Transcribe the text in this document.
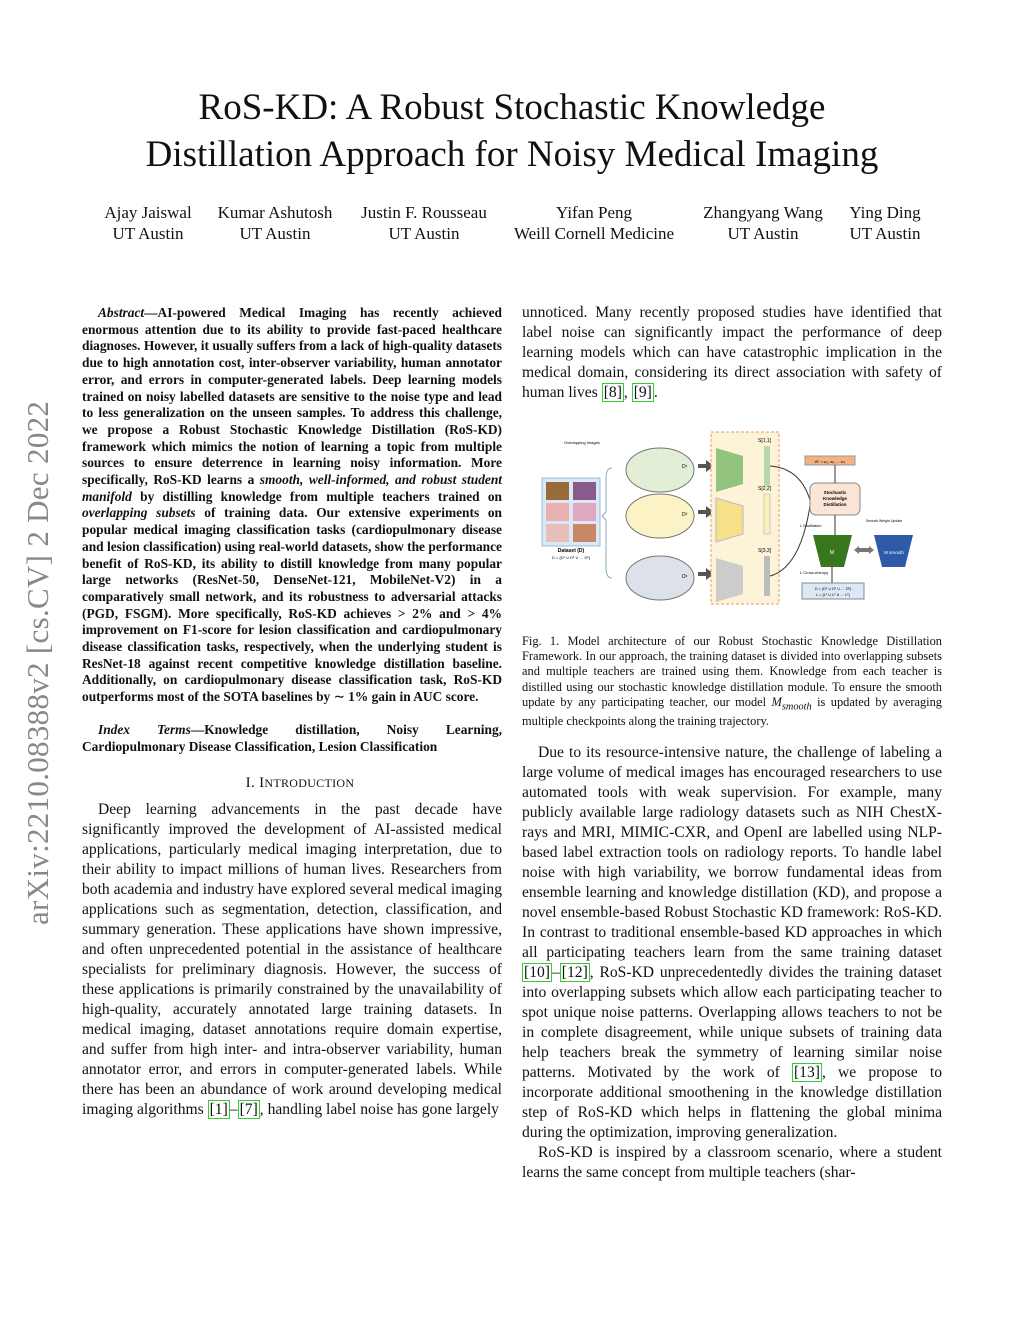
arXiv:2210.08388v2 [cs.CV] 2 Dec 2022
RoS-KD: A Robust Stochastic Knowledge
Distillation Approach for Noisy Medical Imaging
Ajay Jaiswal
UT Austin
Kumar Ashutosh
UT Austin
Justin F. Rousseau
UT Austin
Yifan Peng
Weill Cornell Medicine
Zhangyang Wang
UT Austin
Ying Ding
UT Austin

Abstract—AI-powered Medical Imaging has recently achieved enormous attention due to its ability to provide fast-paced healthcare diagnoses. However, it usually suffers from a lack of high-quality datasets due to high annotation cost, inter-observer variability, human annotator error, and errors in computer-generated labels. Deep learning models trained on noisy labelled datasets are sensitive to the noise type and lead to less generalization on the unseen samples. To address this challenge, we propose a Robust Stochastic Knowledge Distillation (RoS-KD) framework which mimics the notion of learning a topic from multiple sources to ensure deterrence in learning noisy information. More specifically, RoS-KD learns a smooth, well-informed, and robust student manifold by distilling knowledge from multiple teachers trained on overlapping subsets of training data. Our extensive experiments on popular medical imaging classification tasks (cardiopulmonary disease and lesion classification) using real-world datasets, show the performance benefit of RoS-KD, its ability to distill knowledge from many popular large networks (ResNet-50, DenseNet-121, MobileNet-V2) in a comparatively small network, and its robustness to adversarial attacks (PGD, FSGM). More specifically, RoS-KD achieves > 2% and > 4% improvement on F1-score for lesion classification and cardiopulmonary disease classification tasks, respectively, when the underlying student is ResNet-18 against recent competitive knowledge distillation baseline. Additionally, on cardiopulmonary disease classification task, RoS-KD outperforms most of the SOTA baselines by ∼ 1% gain in AUC score.

Index Terms—Knowledge distillation, Noisy Learning, Cardiopulmonary Disease Classification, Lesion Classification

I. INTRODUCTION

Deep learning advancements in the past decade have significantly improved the development of AI-assisted medical applications, particularly medical imaging interpretation, due to their ability to impact millions of human lives. Researchers from both academia and industry have explored several medical imaging applications such as segmentation, detection, classification, and summary generation. These applications have shown impressive, and often unprecedented potential in the assistance of healthcare specialists for preliminary diagnosis. However, the success of these applications is primarily constrained by the unavailability of high-quality, accurately annotated large training datasets. In medical imaging, dataset annotations require domain expertise, and suffer from high inter- and intra-observer variability, human annotator error, and errors in computer-generated labels. While there has been an abundance of work around developing medical imaging algorithms [1] – [7] , handling label noise has gone largely

unnoticed. Many recently proposed studies have identified that label noise can significantly impact the performance of deep learning models which can have catastrophic implication in the medical domain, considering its direct association with safety of human lives [8] , [9] .

Overlapping Images
Dataset (D)
D = {D¹ ∪ D² ∪ … Dᵏ}
D¹
D²
Dᵏ
S[1,1]
S[2,2]
S[3,3]
W' = w₁, w₂ … wₖ
Stochastic
Knowledge
Distillation
L Distillation
M	M smooth
Smooth Weight Update
L Cross-entropy
D = {D¹ ∪ D² ∪ … Dᵏ}
L = {L¹ ∪ L² ∪ … Lᵏ}
Fig. 1. Model architecture of our Robust Stochastic Knowledge Distillation Framework. In our approach, the training dataset is divided into overlapping subsets and multiple teachers are trained using them. Knowledge from each teacher is distilled using our stochastic knowledge distillation module. To ensure the smooth update by any participating teacher, our model $M_{smooth}$ is updated by averaging multiple checkpoints along the training trajectory.

Due to its resource-intensive nature, the challenge of labeling a large volume of medical images has encouraged researchers to use automated tools with weak supervision. For example, many publicly available large radiology datasets such as NIH ChestX-rays and MRI, MIMIC-CXR, and OpenI are labelled using NLP-based label extraction tools on radiology reports. To handle label noise with high variability, we borrow fundamental ideas from ensemble learning and knowledge distillation (KD), and propose a novel ensemble-based Robust Stochastic KD framework: RoS-KD. In contrast to traditional ensemble-based KD approaches in which all participating teachers learn from the same training dataset [10] – [12] , RoS-KD unprecedentedly divides the training dataset into overlapping subsets which allow each participating teacher to spot unique noise patterns. Overlapping allows teachers to not be in complete disagreement, while unique subsets of training data help teachers break the symmetry of learning similar noise patterns. Motivated by the work of [13] , we propose to incorporate additional smoothening in the knowledge distillation step of RoS-KD which helps in flattening the global minima during the optimization, improving generalization.

RoS-KD is inspired by a classroom scenario, where a student learns the same concept from multiple teachers (shar-
